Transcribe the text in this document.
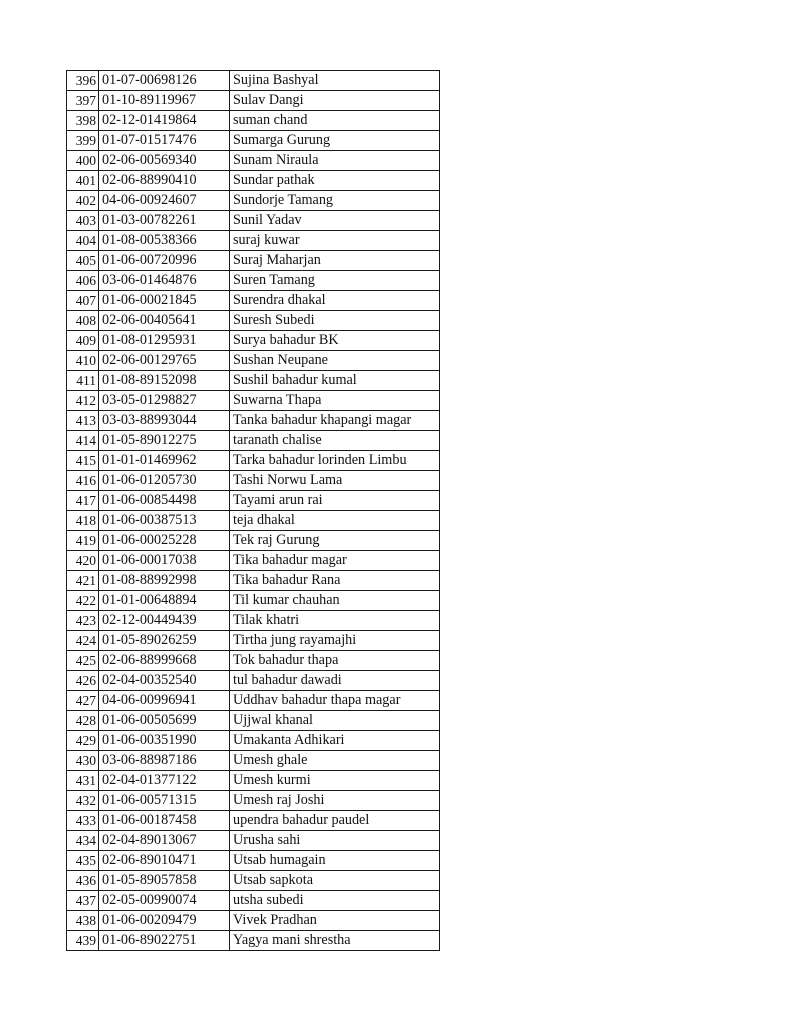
396	01-07-00698126	Sujina Bashyal
397	01-10-89119967	Sulav Dangi
398	02-12-01419864	suman chand
399	01-07-01517476	Sumarga Gurung
400	02-06-00569340	Sunam Niraula
401	02-06-88990410	Sundar pathak
402	04-06-00924607	Sundorje Tamang
403	01-03-00782261	Sunil Yadav
404	01-08-00538366	suraj kuwar
405	01-06-00720996	Suraj Maharjan
406	03-06-01464876	Suren Tamang
407	01-06-00021845	Surendra dhakal
408	02-06-00405641	Suresh Subedi
409	01-08-01295931	Surya bahadur BK
410	02-06-00129765	Sushan Neupane
411	01-08-89152098	Sushil bahadur kumal
412	03-05-01298827	Suwarna Thapa
413	03-03-88993044	Tanka bahadur khapangi magar
414	01-05-89012275	taranath chalise
415	01-01-01469962	Tarka bahadur lorinden Limbu
416	01-06-01205730	Tashi Norwu Lama
417	01-06-00854498	Tayami arun rai
418	01-06-00387513	teja dhakal
419	01-06-00025228	Tek raj Gurung
420	01-06-00017038	Tika bahadur magar
421	01-08-88992998	Tika bahadur Rana
422	01-01-00648894	Til kumar chauhan
423	02-12-00449439	Tilak khatri
424	01-05-89026259	Tirtha jung rayamajhi
425	02-06-88999668	Tok bahadur thapa
426	02-04-00352540	tul bahadur dawadi
427	04-06-00996941	Uddhav bahadur thapa magar
428	01-06-00505699	Ujjwal khanal
429	01-06-00351990	Umakanta Adhikari
430	03-06-88987186	Umesh ghale
431	02-04-01377122	Umesh kurmi
432	01-06-00571315	Umesh raj Joshi
433	01-06-00187458	upendra bahadur paudel
434	02-04-89013067	Urusha sahi
435	02-06-89010471	Utsab humagain
436	01-05-89057858	Utsab sapkota
437	02-05-00990074	utsha subedi
438	01-06-00209479	Vivek Pradhan
439	01-06-89022751	Yagya mani shrestha
